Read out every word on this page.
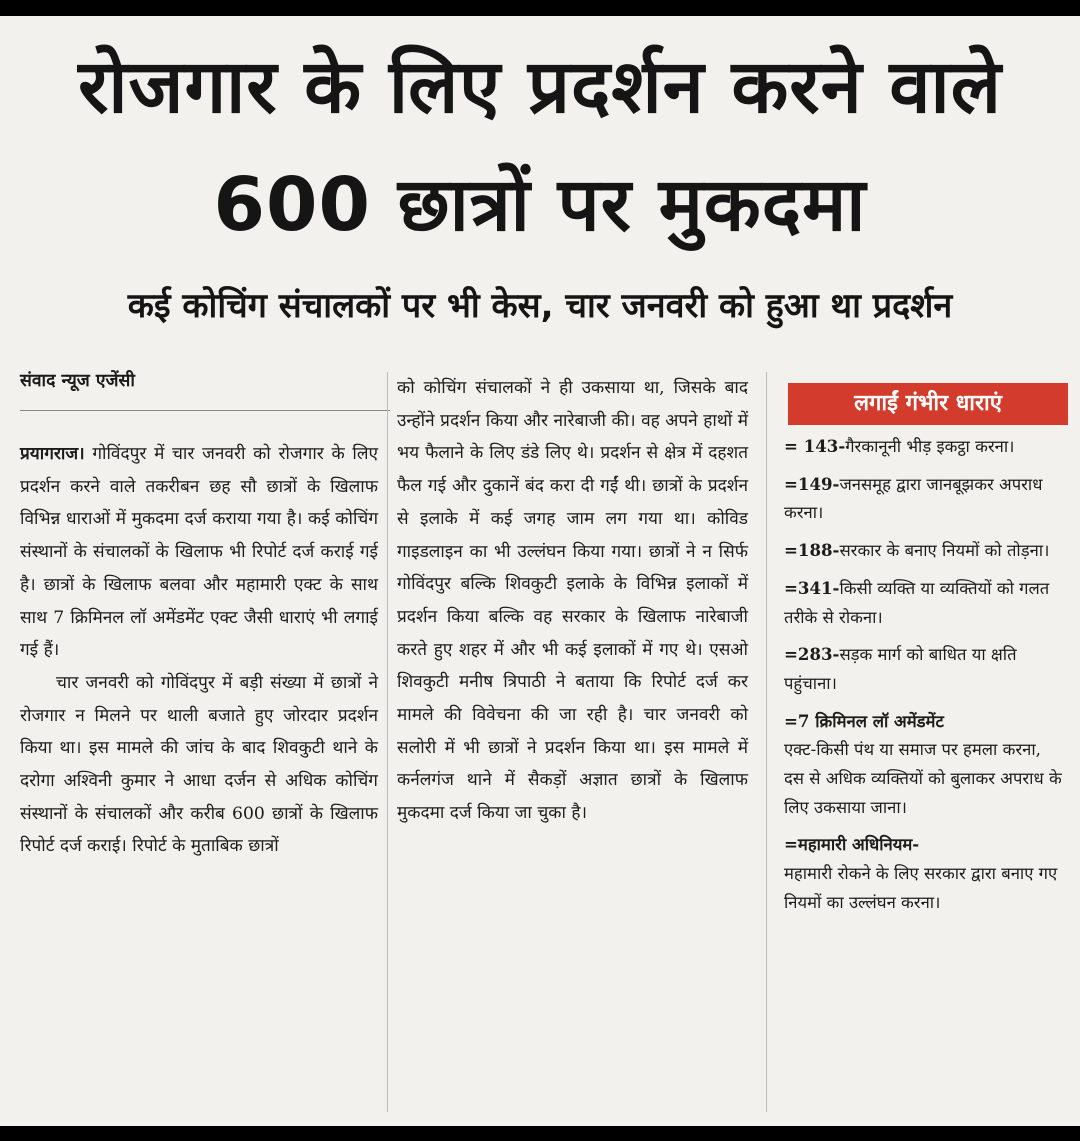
रोजगार के लिए प्रदर्शन करने वाले 600 छात्रों पर मुकदमा
कई कोचिंग संचालकों पर भी केस, चार जनवरी को हुआ था प्रदर्शन
संवाद न्यूज एजेंसी

प्रयागराज। गोविंदपुर में चार जनवरी को रोजगार के लिए प्रदर्शन करने वाले तकरीबन छह सौ छात्रों के खिलाफ विभिन्न धाराओं में मुकदमा दर्ज कराया गया है। कई कोचिंग संस्थानों के संचालकों के खिलाफ भी रिपोर्ट दर्ज कराई गई है। छात्रों के खिलाफ बलवा और महामारी एक्ट के साथ साथ 7 क्रिमिनल लॉ अमेंडमेंट एक्ट जैसी धाराएं भी लगाई गई हैं।

चार जनवरी को गोविंदपुर में बड़ी संख्या में छात्रों ने रोजगार न मिलने पर थाली बजाते हुए जोरदार प्रदर्शन किया था। इस मामले की जांच के बाद शिवकुटी थाने के दरोगा अश्विनी कुमार ने आधा दर्जन से अधिक कोचिंग संस्थानों के संचालकों और करीब 600 छात्रों के खिलाफ रिपोर्ट दर्ज कराई। रिपोर्ट के मुताबिक छात्रों

को कोचिंग संचालकों ने ही उकसाया था, जिसके बाद उन्होंने प्रदर्शन किया और नारेबाजी की। वह अपने हाथों में भय फैलाने के लिए डंडे लिए थे। प्रदर्शन से क्षेत्र में दहशत फैल गई और दुकानें बंद करा दी गईं थी। छात्रों के प्रदर्शन से इलाके में कई जगह जाम लग गया था। कोविड गाइडलाइन का भी उल्लंघन किया गया। छात्रों ने न सिर्फ गोविंदपुर बल्कि शिवकुटी इलाके के विभिन्न इलाकों में प्रदर्शन किया बल्कि वह सरकार के खिलाफ नारेबाजी करते हुए शहर में और भी कई इलाकों में गए थे। एसओ शिवकुटी मनीष त्रिपाठी ने बताया कि रिपोर्ट दर्ज कर मामले की विवेचना की जा रही है। चार जनवरी को सलोरी में भी छात्रों ने प्रदर्शन किया था। इस मामले में कर्नलगंज थाने में सैकड़ों अज्ञात छात्रों के खिलाफ मुकदमा दर्ज किया जा चुका है।

लगाईं गंभीर धाराएं
= 143-गैरकानूनी भीड़ इकट्ठा करना।
=149-जनसमूह द्वारा जानबूझकर अपराध करना।
=188-सरकार के बनाए नियमों को तोड़ना।
=341-किसी व्यक्ति या व्यक्तियों को गलत तरीके से रोकना।
=283-सड़क मार्ग को बाधित या क्षति पहुंचाना।
=7 क्रिमिनल लॉ अमेंडमेंट
एक्ट-किसी पंथ या समाज पर हमला करना, दस से अधिक व्यक्तियों को बुलाकर अपराध के लिए उकसाया जाना।
=महामारी अधिनियम-
महामारी रोकने के लिए सरकार द्वारा बनाए गए नियमों का उल्लंघन करना।
